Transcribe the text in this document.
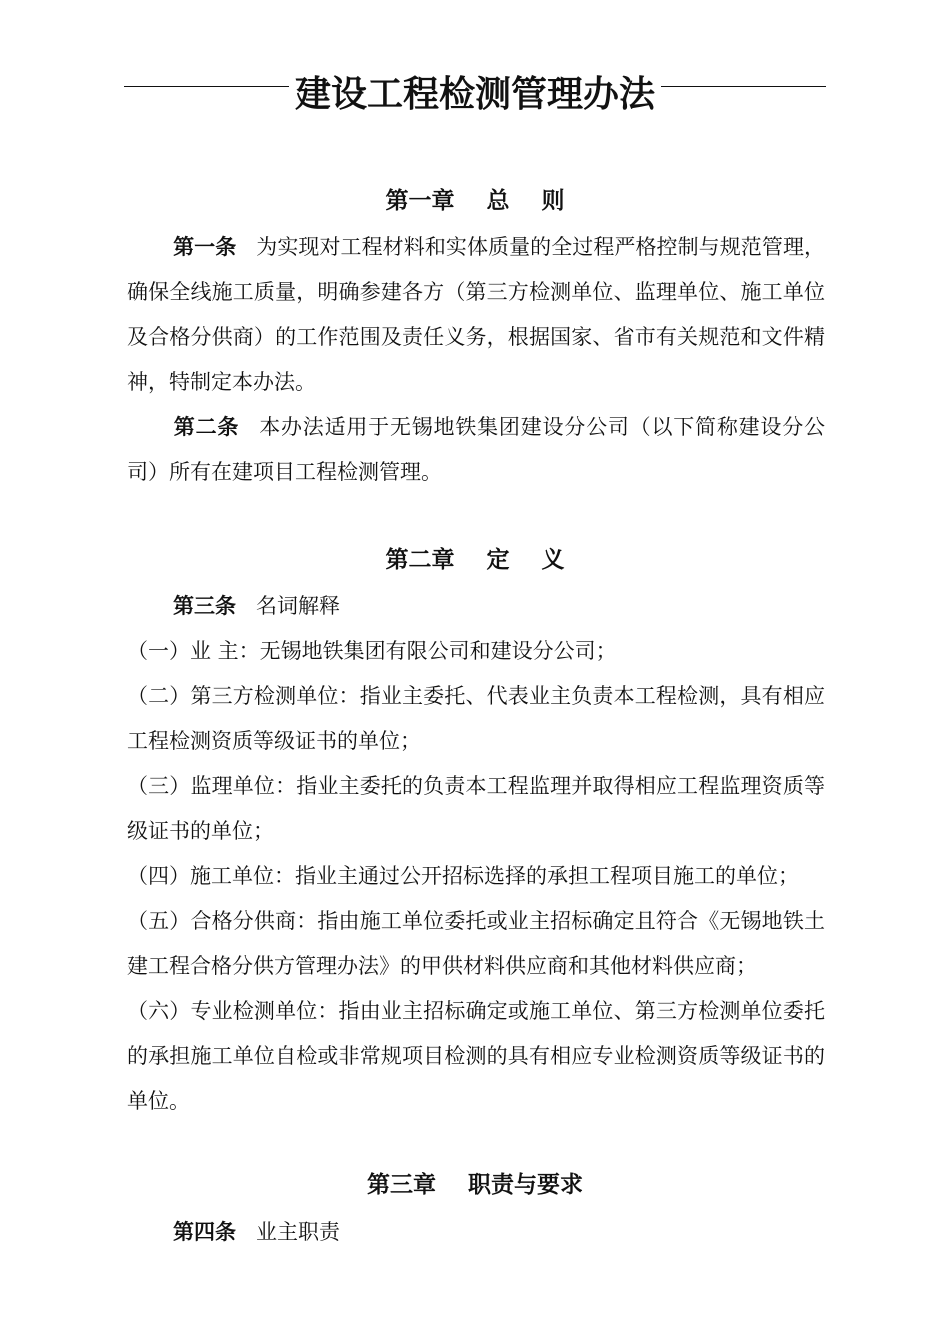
建设工程检测管理办法
第一章    总    则
第一条 为实现对工程材料和实体质量的全过程严格控制与规范管理，确保全线施工质量，明确参建各方（第三方检测单位、监理单位、施工单位及合格分供商）的工作范围及责任义务，根据国家、省市有关规范和文件精神，特制定本办法。
第二条 本办法适用于无锡地铁集团建设分公司（以下简称建设分公司）所有在建项目工程检测管理。
第二章    定    义
第三条 名词解释
（一）业 主：无锡地铁集团有限公司和建设分公司；
（二）第三方检测单位：指业主委托、代表业主负责本工程检测，具有相应工程检测资质等级证书的单位；
（三）监理单位：指业主委托的负责本工程监理并取得相应工程监理资质等级证书的单位；
（四）施工单位：指业主通过公开招标选择的承担工程项目施工的单位；
（五）合格分供商：指由施工单位委托或业主招标确定且符合《无锡地铁土建工程合格分供方管理办法》的甲供材料供应商和其他材料供应商；
（六）专业检测单位：指由业主招标确定或施工单位、第三方检测单位委托的承担施工单位自检或非常规项目检测的具有相应专业检测资质等级证书的单位。
第三章    职责与要求
第四条 业主职责
